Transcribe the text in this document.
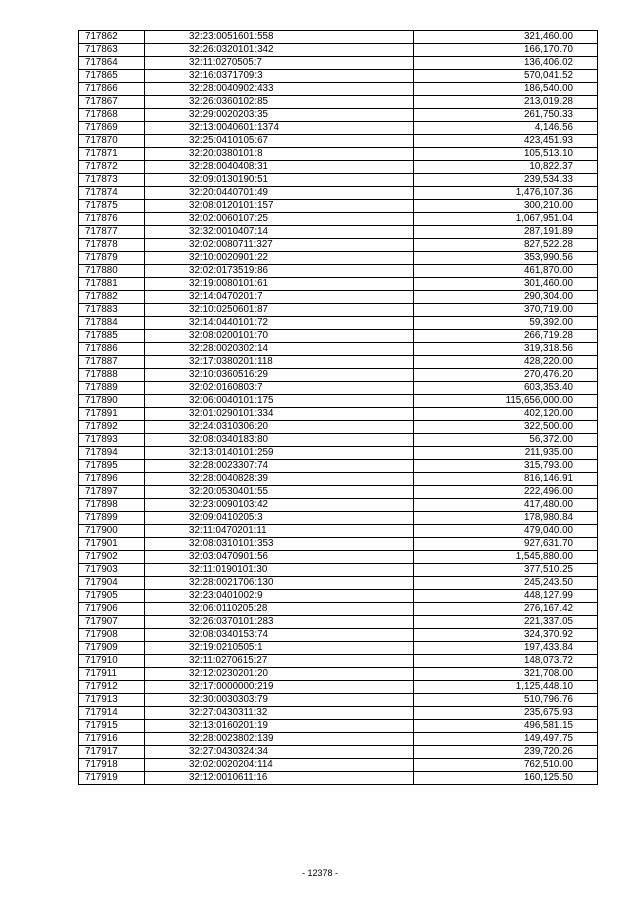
717862	32:23:0051601:558	321,460.00
717863	32:26:0320101:342	166,170.70
717864	32:11:0270505:7	136,406.02
717865	32:16:0371709:3	570,041.52
717866	32:28:0040902:433	186,540.00
717867	32:26:0360102:85	213,019.28
717868	32:29:0020203:35	261,750.33
717869	32:13:0040601:1374	4,146.56
717870	32:25:0410105:67	423,451.93
717871	32:20:0380101:8	105,513.10
717872	32:28:0040408:31	10,822.37
717873	32:09:0130190:51	239,534.33
717874	32:20:0440701:49	1,476,107.36
717875	32:08:0120101:157	300,210.00
717876	32:02:0060107:25	1,067,951.04
717877	32:32:0010407:14	287,191.89
717878	32:02:0080711:327	827,522.28
717879	32:10:0020901:22	353,990.56
717880	32:02:0173519:86	461,870.00
717881	32:19:0080101:61	301,460.00
717882	32:14:0470201:7	290,304.00
717883	32:10:0250601:87	370,719.00
717884	32:14:0440101:72	59,392.00
717885	32:08:0200101:70	266,719.28
717886	32:28:0020302:14	319,318.56
717887	32:17:0380201:118	428,220.00
717888	32:10:0360516:29	270,476.20
717889	32:02:0160803:7	603,353.40
717890	32:06:0040101:175	115,656,000.00
717891	32:01:0290101:334	402,120.00
717892	32:24:0310306:20	322,500.00
717893	32:08:0340183:80	56,372.00
717894	32:13:0140101:259	211,935.00
717895	32:28:0023307:74	315,793.00
717896	32:28:0040828:39	816,146.91
717897	32:20:0530401:55	222,496.00
717898	32:23:0090103:42	417,480.00
717899	32:09:0410205:3	178,980.84
717900	32:11:0470201:11	479,040.00
717901	32:08:0310101:353	927,631.70
717902	32:03:0470901:56	1,545,880.00
717903	32:11:0190101:30	377,510.25
717904	32:28:0021706:130	245,243.50
717905	32:23:0401002:9	448,127.99
717906	32:06:0110205:28	276,167.42
717907	32:26:0370101:283	221,337.05
717908	32:08:0340153:74	324,370.92
717909	32:19:0210505:1	197,433.84
717910	32:11:0270615:27	148,073.72
717911	32:12:0230201:20	321,708.00
717912	32:17:0000000:219	1,125,448.10
717913	32:30:0030303:79	510,796.76
717914	32:27:0430311:32	235,675.93
717915	32:13:0160201:19	496,581.15
717916	32:28:0023802:139	149,497.75
717917	32:27:0430324:34	239,720.26
717918	32:02:0020204:114	762,510.00
717919	32:12:0010611:16	160,125.50
- 12378 -
